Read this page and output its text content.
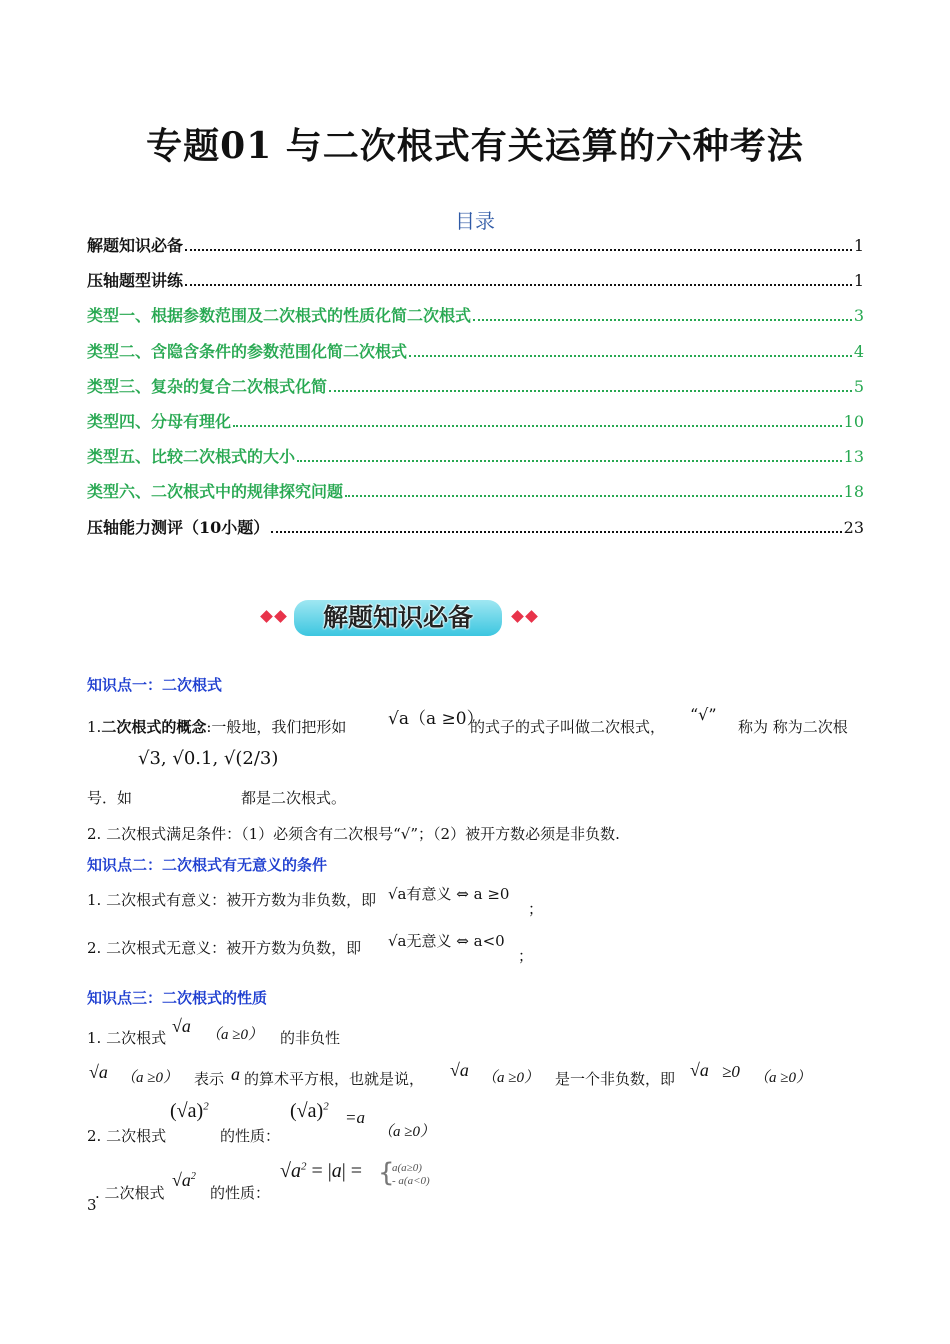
专题01 与二次根式有关运算的六种考法
目录
解题知识必备	1
压轴题型讲练	1
类型一、根据参数范围及二次根式的性质化简二次根式	3
类型二、含隐含条件的参数范围化简二次根式	4
类型三、复杂的复合二次根式化简	5
类型四、分母有理化	10
类型五、比较二次根式的大小	13
类型六、二次根式中的规律探究问题	18
压轴能力测评（10小题）	23
解题知识必备
知识点一：二次根式
1.二次根式的概念:一般地，我们把形如 √a（a ≥0）
的式子的式子叫做二次根式，
“√”
称为 称为二次根
号．如
√3, √0.1, √(2/3)
都是二次根式。
2. 二次根式满足条件：（1）必须含有二次根号“√”；（2）被开方数必须是非负数.
知识点二：二次根式有无意义的条件
1. 二次根式有意义：被开方数为非负数，即 √a有意义 ⇔ a ≥0
；
2. 二次根式无意义：被开方数为负数，即 √a无意义 ⇔ a<0
；
知识点三：二次根式的性质
1. 二次根式
√a （a ≥0） 的非负性
√a （a ≥0） 表示 a 的算术平方根，也就是说， √a （a ≥0） 是一个非负数，即 √a ≥0 （a ≥0）
2. 二次根式
$(√a)^2$
的性质：
$(√a)^2$
=a
（a ≥0）
3
. 二次根式
$√a^2$
的性质：
$√a^2 = |a|$ = {
a(a≥0)
- a(a<0)
